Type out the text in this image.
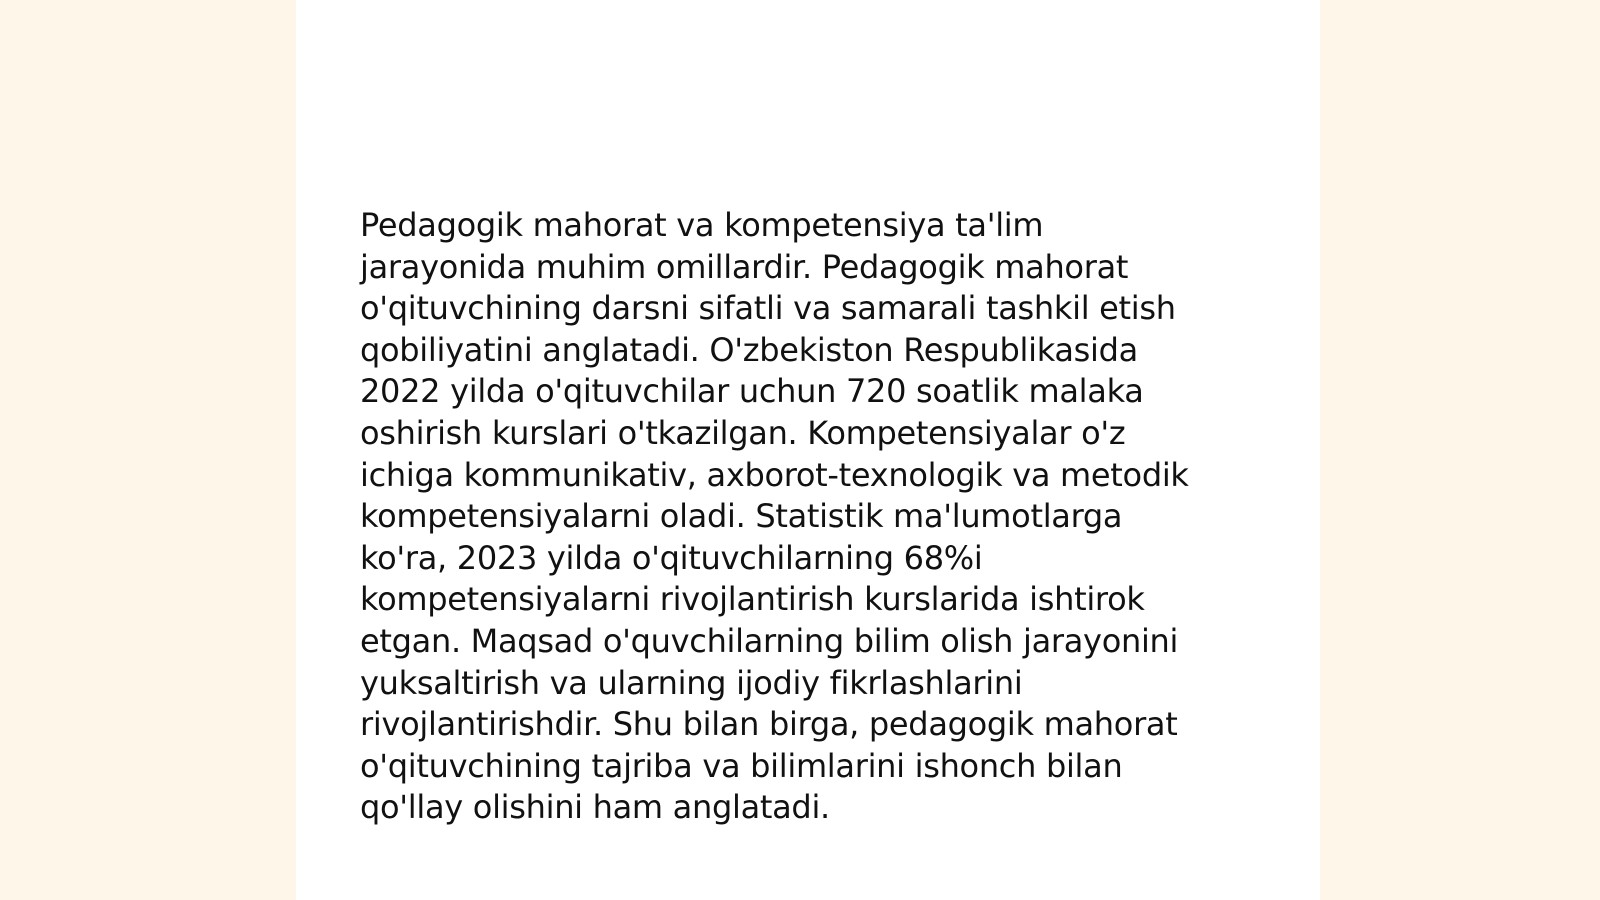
Pedagogik mahorat va kompetensiya ta'lim
jarayonida muhim omillardir. Pedagogik mahorat
o'qituvchining darsni sifatli va samarali tashkil etish
qobiliyatini anglatadi. O'zbekiston Respublikasida
2022 yilda o'qituvchilar uchun 720 soatlik malaka
oshirish kurslari o'tkazilgan. Kompetensiyalar o'z
ichiga kommunikativ, axborot-texnologik va metodik
kompetensiyalarni oladi. Statistik ma'lumotlarga
ko'ra, 2023 yilda o'qituvchilarning 68%i
kompetensiyalarni rivojlantirish kurslarida ishtirok
etgan. Maqsad o'quvchilarning bilim olish jarayonini
yuksaltirish va ularning ijodiy fikrlashlarini
rivojlantirishdir. Shu bilan birga, pedagogik mahorat
o'qituvchining tajriba va bilimlarini ishonch bilan
qo'llay olishini ham anglatadi.
